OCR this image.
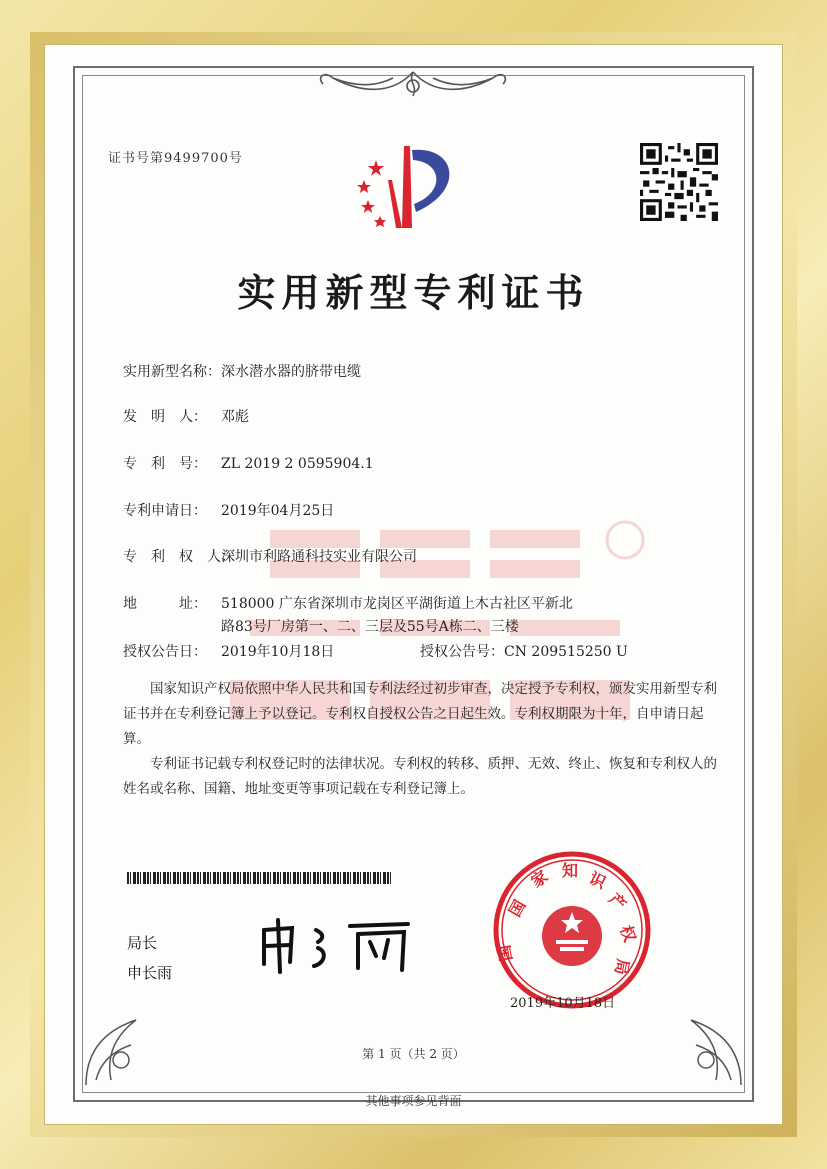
证书号第9499700号
实用新型专利证书
实用新型名称：深水潜水器的脐带电缆
发　明　人： 邓彪
专　利　号： ZL 2019 2 0595904.1
专利申请日： 2019年04月25日
专　利　权　人：深圳市利路通科技实业有限公司
地　　　址： 518000 广东省深圳市龙岗区平湖街道上木古社区平新北
路83号厂房第一、二、三层及55号A栋二、三楼
授权公告日： 2019年10月18日	授权公告号：CN 209515250 U

国家知识产权局依照中华人民共和国专利法经过初步审查，决定授予专利权，颁发实用新型专利证书并在专利登记簿上予以登记。专利权自授权公告之日起生效。专利权期限为十年，自申请日起算。

专利证书记载专利权登记时的法律状况。专利权的转移、质押、无效、终止、恢复和专利权人的姓名或名称、国籍、地址变更等事项记载在专利登记簿上。

局长
申长雨
国
家 知 识
产
权
局
国
2019年10月18日
第 1 页（共 2 页）
其他事项参见背面
